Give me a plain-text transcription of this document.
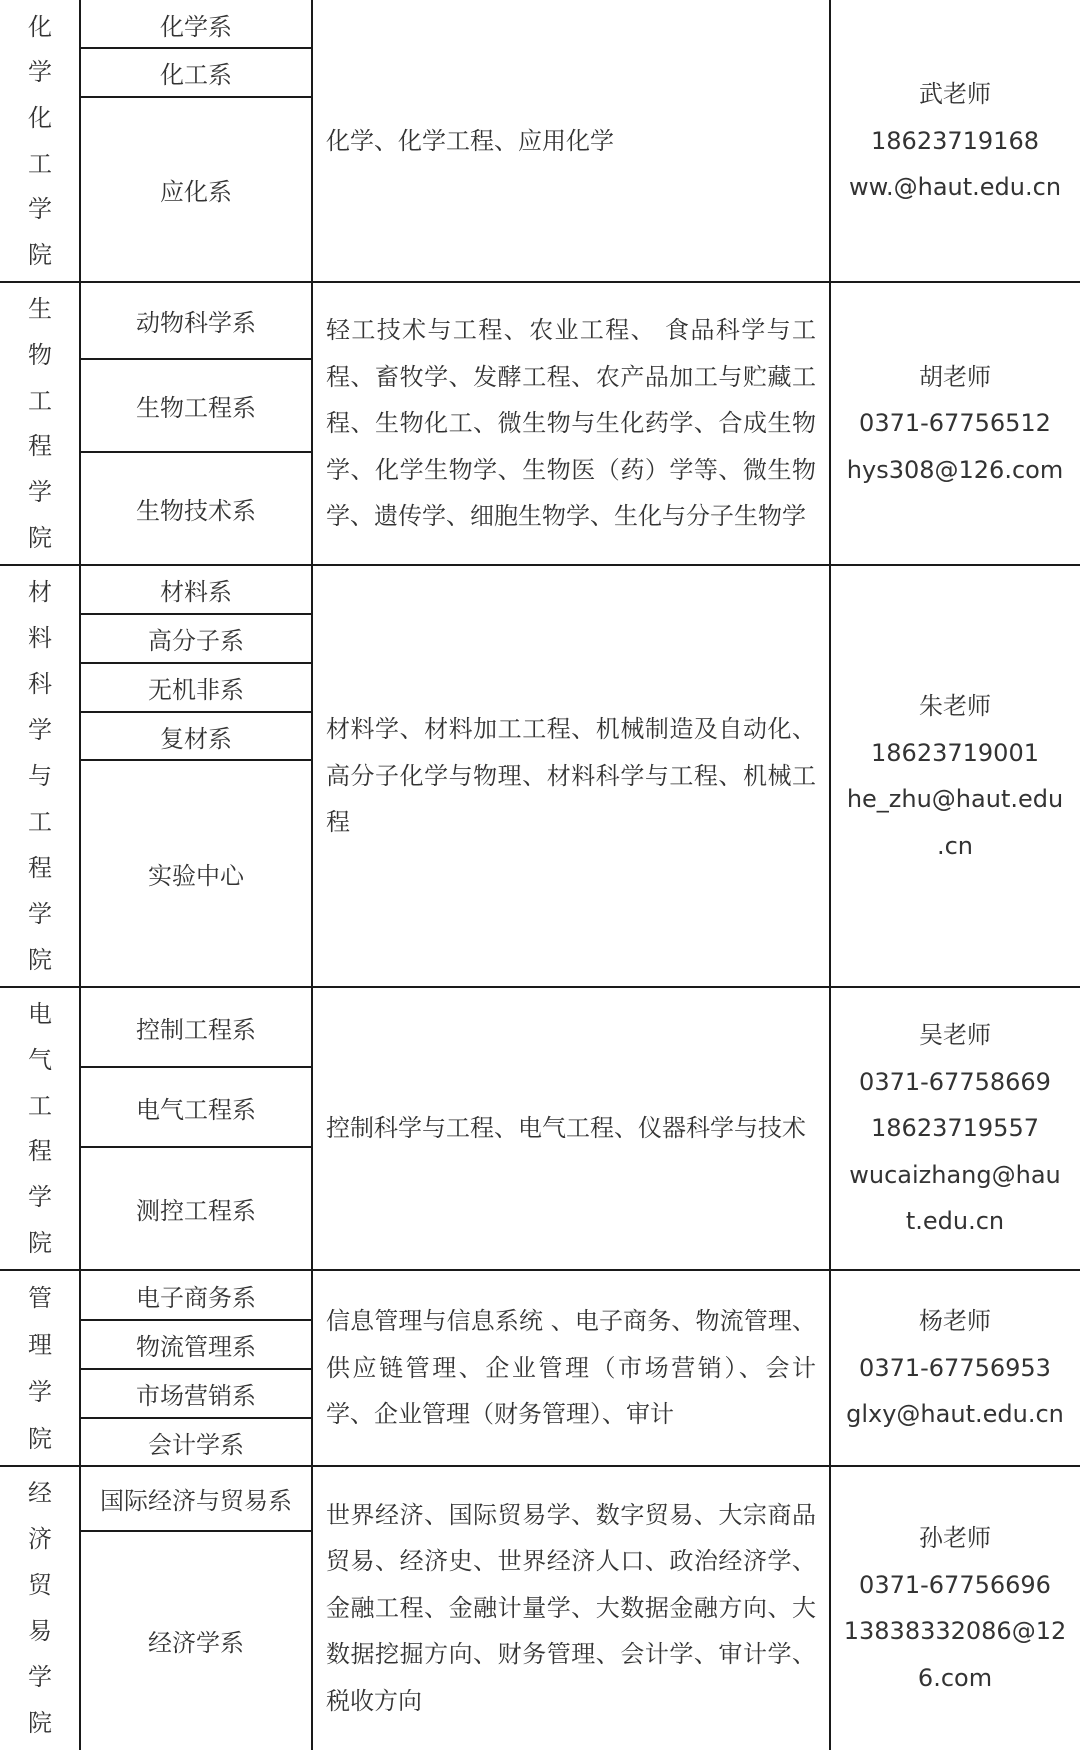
化
学
化
工
学
院
化学系
化工系
应化系
化学、化学工程、应用化学
武老师
18623719168
ww.@haut.edu.cn
生
物
工
程
学
院
动物科学系
生物工程系
生物技术系
轻工技术与工程、农业工程、 食品科学与工程、畜牧学、发酵工程、农产品加工与贮藏工程、生物化工、微生物与生化药学、合成生物学、化学生物学、生物医（药）学等、微生物学、遗传学、细胞生物学、生化与分子生物学
胡老师
0371-67756512
hys308@126.com
材
料
科
学
与
工
程
学
院
材料系
高分子系
无机非系
复材系
实验中心
材料学、材料加工工程、机械制造及自动化、高分子化学与物理、材料科学与工程、机械工程
朱老师
18623719001
he_zhu@haut.edu
.cn
电
气
工
程
学
院
控制工程系
电气工程系
测控工程系
控制科学与工程、电气工程、仪器科学与技术
吴老师
0371-67758669
18623719557
wucaizhang@hau
t.edu.cn
管
理
学
院
电子商务系
物流管理系
市场营销系
会计学系
信息管理与信息系统 、电子商务、物流管理、供应链管理、企业管理（市场营销）、会计学、企业管理（财务管理）、审计
杨老师
0371-67756953
glxy@haut.edu.cn
经
济
贸
易
学
院
国际经济与贸易系
经济学系
世界经济、国际贸易学、数字贸易、大宗商品贸易、经济史、世界经济人口、政治经济学、金融工程、金融计量学、大数据金融方向、大数据挖掘方向、财务管理、会计学、审计学、税收方向
孙老师
0371-67756696
13838332086@12
6.com
